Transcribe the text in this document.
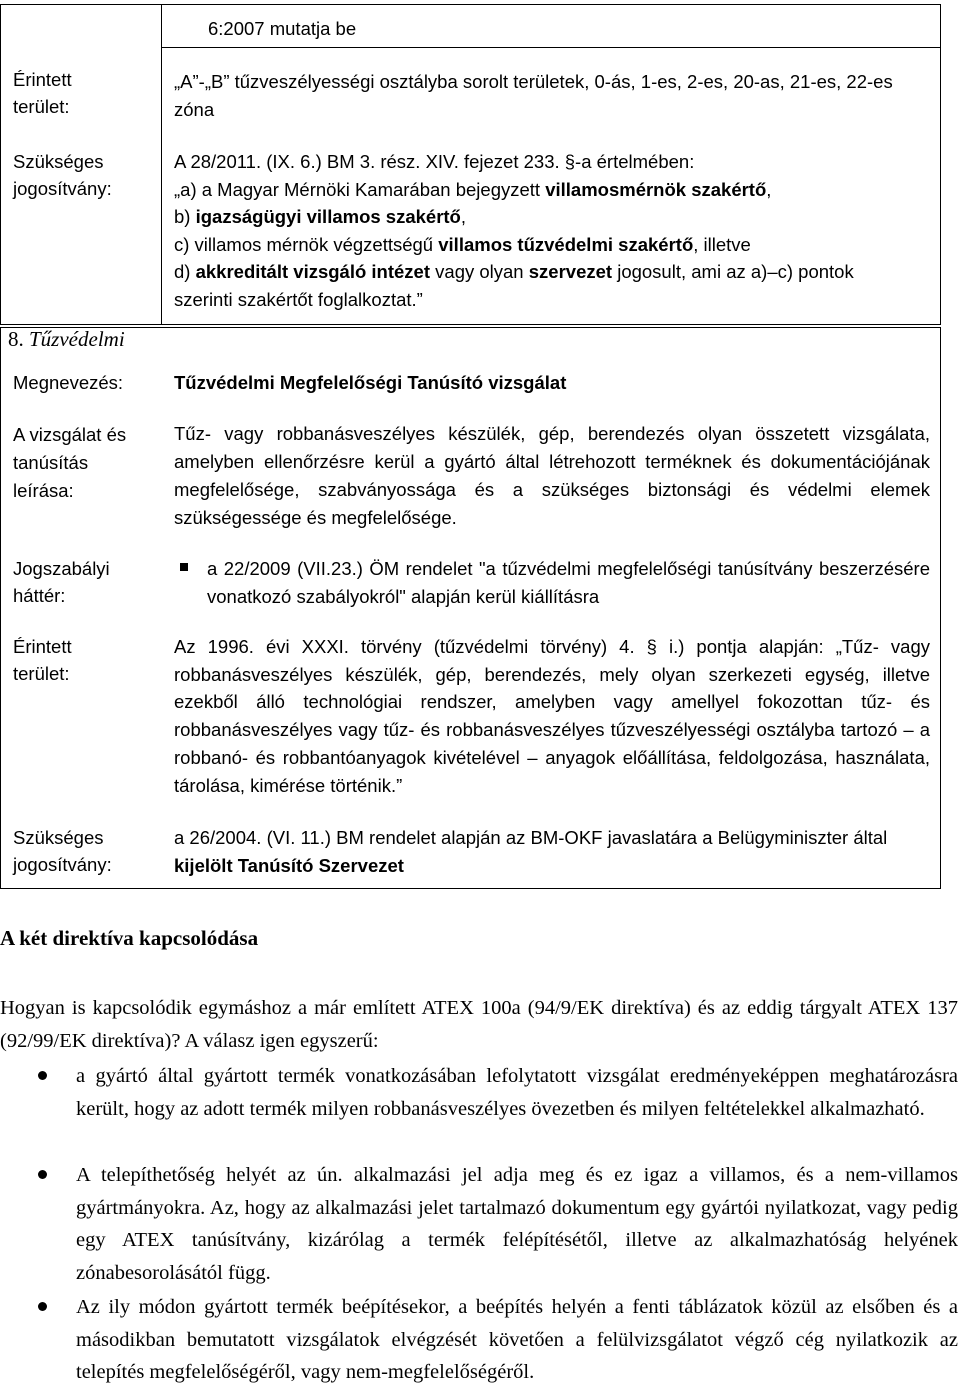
6:2007 mutatja be
Érintett
terület:
„A”-„B” tűzveszélyességi osztályba sorolt területek, 0-ás, 1-es, 2-es, 20-as, 21-es, 22-es zóna
Szükséges
jogosítvány:
A 28/2011. (IX. 6.) BM 3. rész. XIV. fejezet 233. §-a értelmében:
„a) a Magyar Mérnöki Kamarában bejegyzett villamosmérnök szakértő,
b) igazságügyi villamos szakértő,
c) villamos mérnök végzettségű villamos tűzvédelmi szakértő, illetve
d) akkreditált vizsgáló intézet vagy olyan szervezet jogosult, ami az a)–c) pontok
szerinti szakértőt foglalkoztat.”
8. Tűzvédelmi
Megnevezés:	Tűzvédelmi Megfelelőségi Tanúsító vizsgálat
A vizsgálat és
tanúsítás
leírása:
Tűz- vagy robbanásveszélyes készülék, gép, berendezés olyan összetett vizsgálata, amelyben ellenőrzésre kerül a gyártó által létrehozott terméknek és dokumentációjának megfelelősége, szabványossága és a szükséges biztonsági és védelmi elemek szükségessége és megfelelősége.
Jogszabályi
háttér:
a 22/2009 (VII.23.) ÖM rendelet "a tűzvédelmi megfelelőségi tanúsítvány beszerzésére vonatkozó szabályokról" alapján kerül kiállításra
Érintett
terület:
Az 1996. évi XXXI. törvény (tűzvédelmi törvény) 4. § i.) pontja alapján: „Tűz- vagy robbanásveszélyes készülék, gép, berendezés, mely olyan szerkezeti egység, illetve ezekből álló technológiai rendszer, amelyben vagy amellyel fokozottan tűz- és robbanásveszélyes vagy tűz- és robbanásveszélyes tűzveszélyességi osztályba tartozó – a robbanó- és robbantóanyagok kivételével – anyagok előállítása, feldolgozása, használata, tárolása, kimérése történik.”
Szükséges
jogosítvány:
a 26/2004. (VI. 11.) BM rendelet alapján az BM-OKF javaslatára a Belügyminiszter által kijelölt Tanúsító Szervezet
A két direktíva kapcsolódása
Hogyan is kapcsolódik egymáshoz a már említett ATEX 100a (94/9/EK direktíva) és az eddig tárgyalt ATEX 137 (92/99/EK direktíva)? A válasz igen egyszerű:
a gyártó által gyártott termék vonatkozásában lefolytatott vizsgálat eredményeképpen meghatározásra került, hogy az adott termék milyen robbanásveszélyes övezetben és milyen feltételekkel alkalmazható.
A telepíthetőség helyét az ún. alkalmazási jel adja meg és ez igaz a villamos, és a nem-villamos gyártmányokra. Az, hogy az alkalmazási jelet tartalmazó dokumentum egy gyártói nyilatkozat, vagy pedig egy ATEX tanúsítvány, kizárólag a termék felépítésétől, illetve az alkalmazhatóság helyének zónabesorolásától függ.
Az ily módon gyártott termék beépítésekor, a beépítés helyén a fenti táblázatok közül az elsőben és a másodikban bemutatott vizsgálatok elvégzését követően a felülvizsgálatot végző cég nyilatkozik az telepítés megfelelőségéről, vagy nem-megfelelőségéről.
